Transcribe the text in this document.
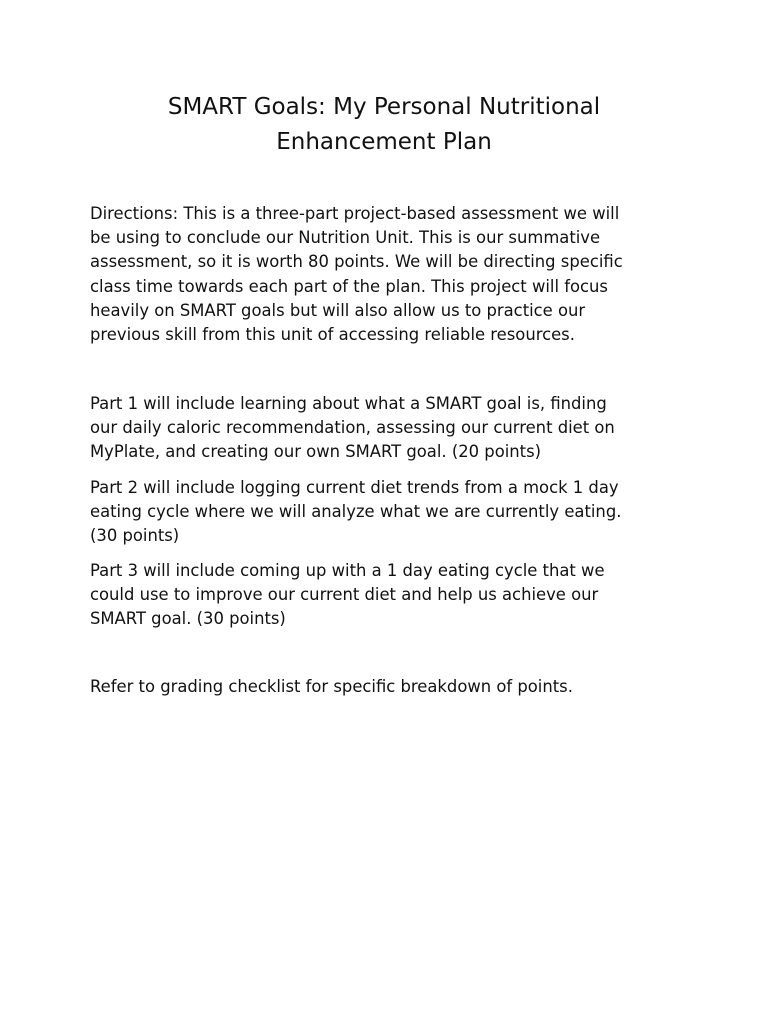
SMART Goals: My Personal Nutritional
Enhancement Plan

Directions: This is a three-part project-based assessment we will
be using to conclude our Nutrition Unit. This is our summative
assessment, so it is worth 80 points. We will be directing specific
class time towards each part of the plan. This project will focus
heavily on SMART goals but will also allow us to practice our
previous skill from this unit of accessing reliable resources.

Part 1 will include learning about what a SMART goal is, finding
our daily caloric recommendation, assessing our current diet on
MyPlate, and creating our own SMART goal. (20 points)

Part 2 will include logging current diet trends from a mock 1 day
eating cycle where we will analyze what we are currently eating.
(30 points)

Part 3 will include coming up with a 1 day eating cycle that we
could use to improve our current diet and help us achieve our
SMART goal. (30 points)

Refer to grading checklist for specific breakdown of points.
